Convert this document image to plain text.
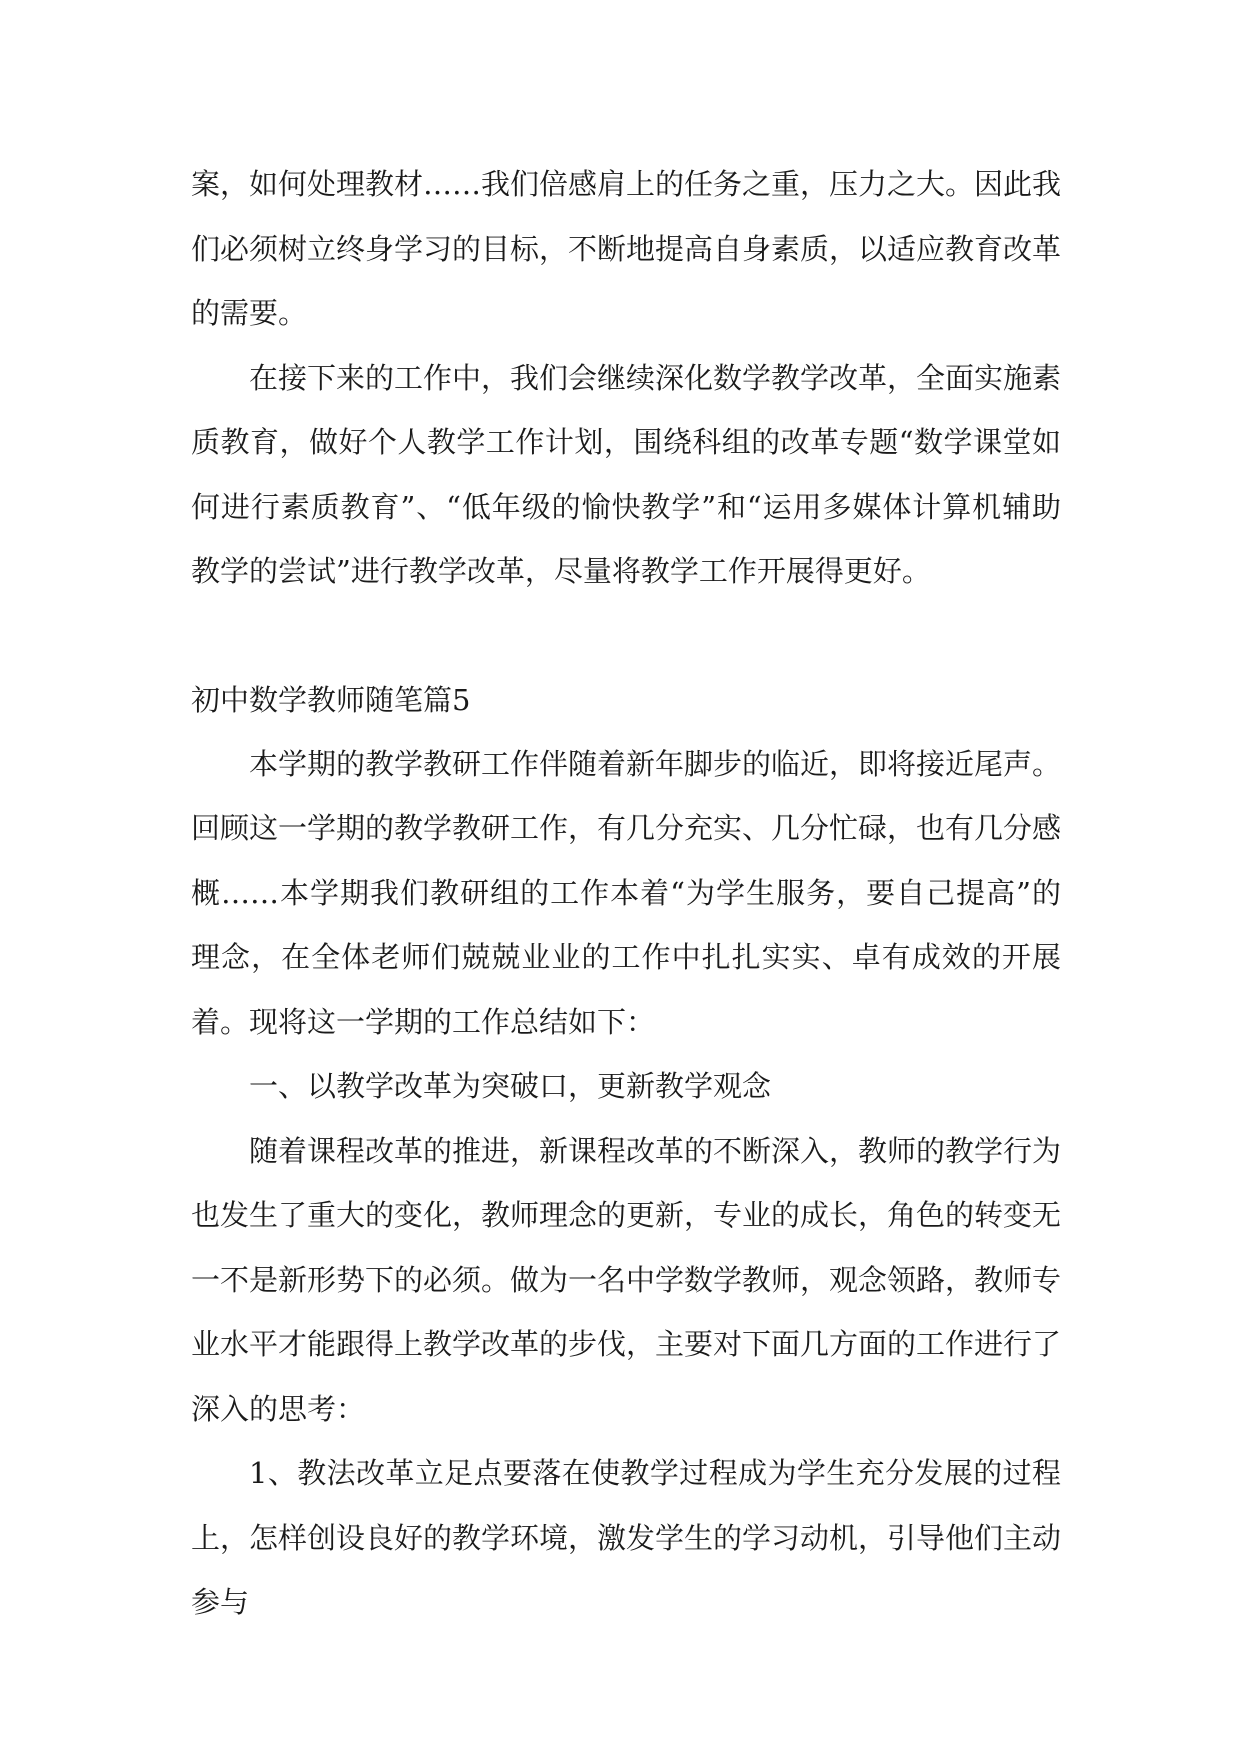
案，如何处理教材……我们倍感肩上的任务之重，压力之大。因此我们必须树立终身学习的目标，不断地提高自身素质，以适应教育改革的需要。

在接下来的工作中，我们会继续深化数学教学改革，全面实施素质教育，做好个人教学工作计划，围绕科组的改革专题“数学课堂如何进行素质教育”、“低年级的愉快教学”和“运用多媒体计算机辅助教学的尝试”进行教学改革，尽量将教学工作开展得更好。

初中数学教师随笔篇5

本学期的教学教研工作伴随着新年脚步的临近，即将接近尾声。回顾这一学期的教学教研工作，有几分充实、几分忙碌，也有几分感概……本学期我们教研组的工作本着“为学生服务，要自己提高”的理念，在全体老师们兢兢业业的工作中扎扎实实、卓有成效的开展着。现将这一学期的工作总结如下：

一、以教学改革为突破口，更新教学观念

随着课程改革的推进，新课程改革的不断深入，教师的教学行为也发生了重大的变化，教师理念的更新，专业的成长，角色的转变无一不是新形势下的必须。做为一名中学数学教师，观念领路，教师专业水平才能跟得上教学改革的步伐，主要对下面几方面的工作进行了深入的思考：

1、教法改革立足点要落在使教学过程成为学生充分发展的过程上，怎样创设良好的教学环境，激发学生的学习动机，引导他们主动参与
